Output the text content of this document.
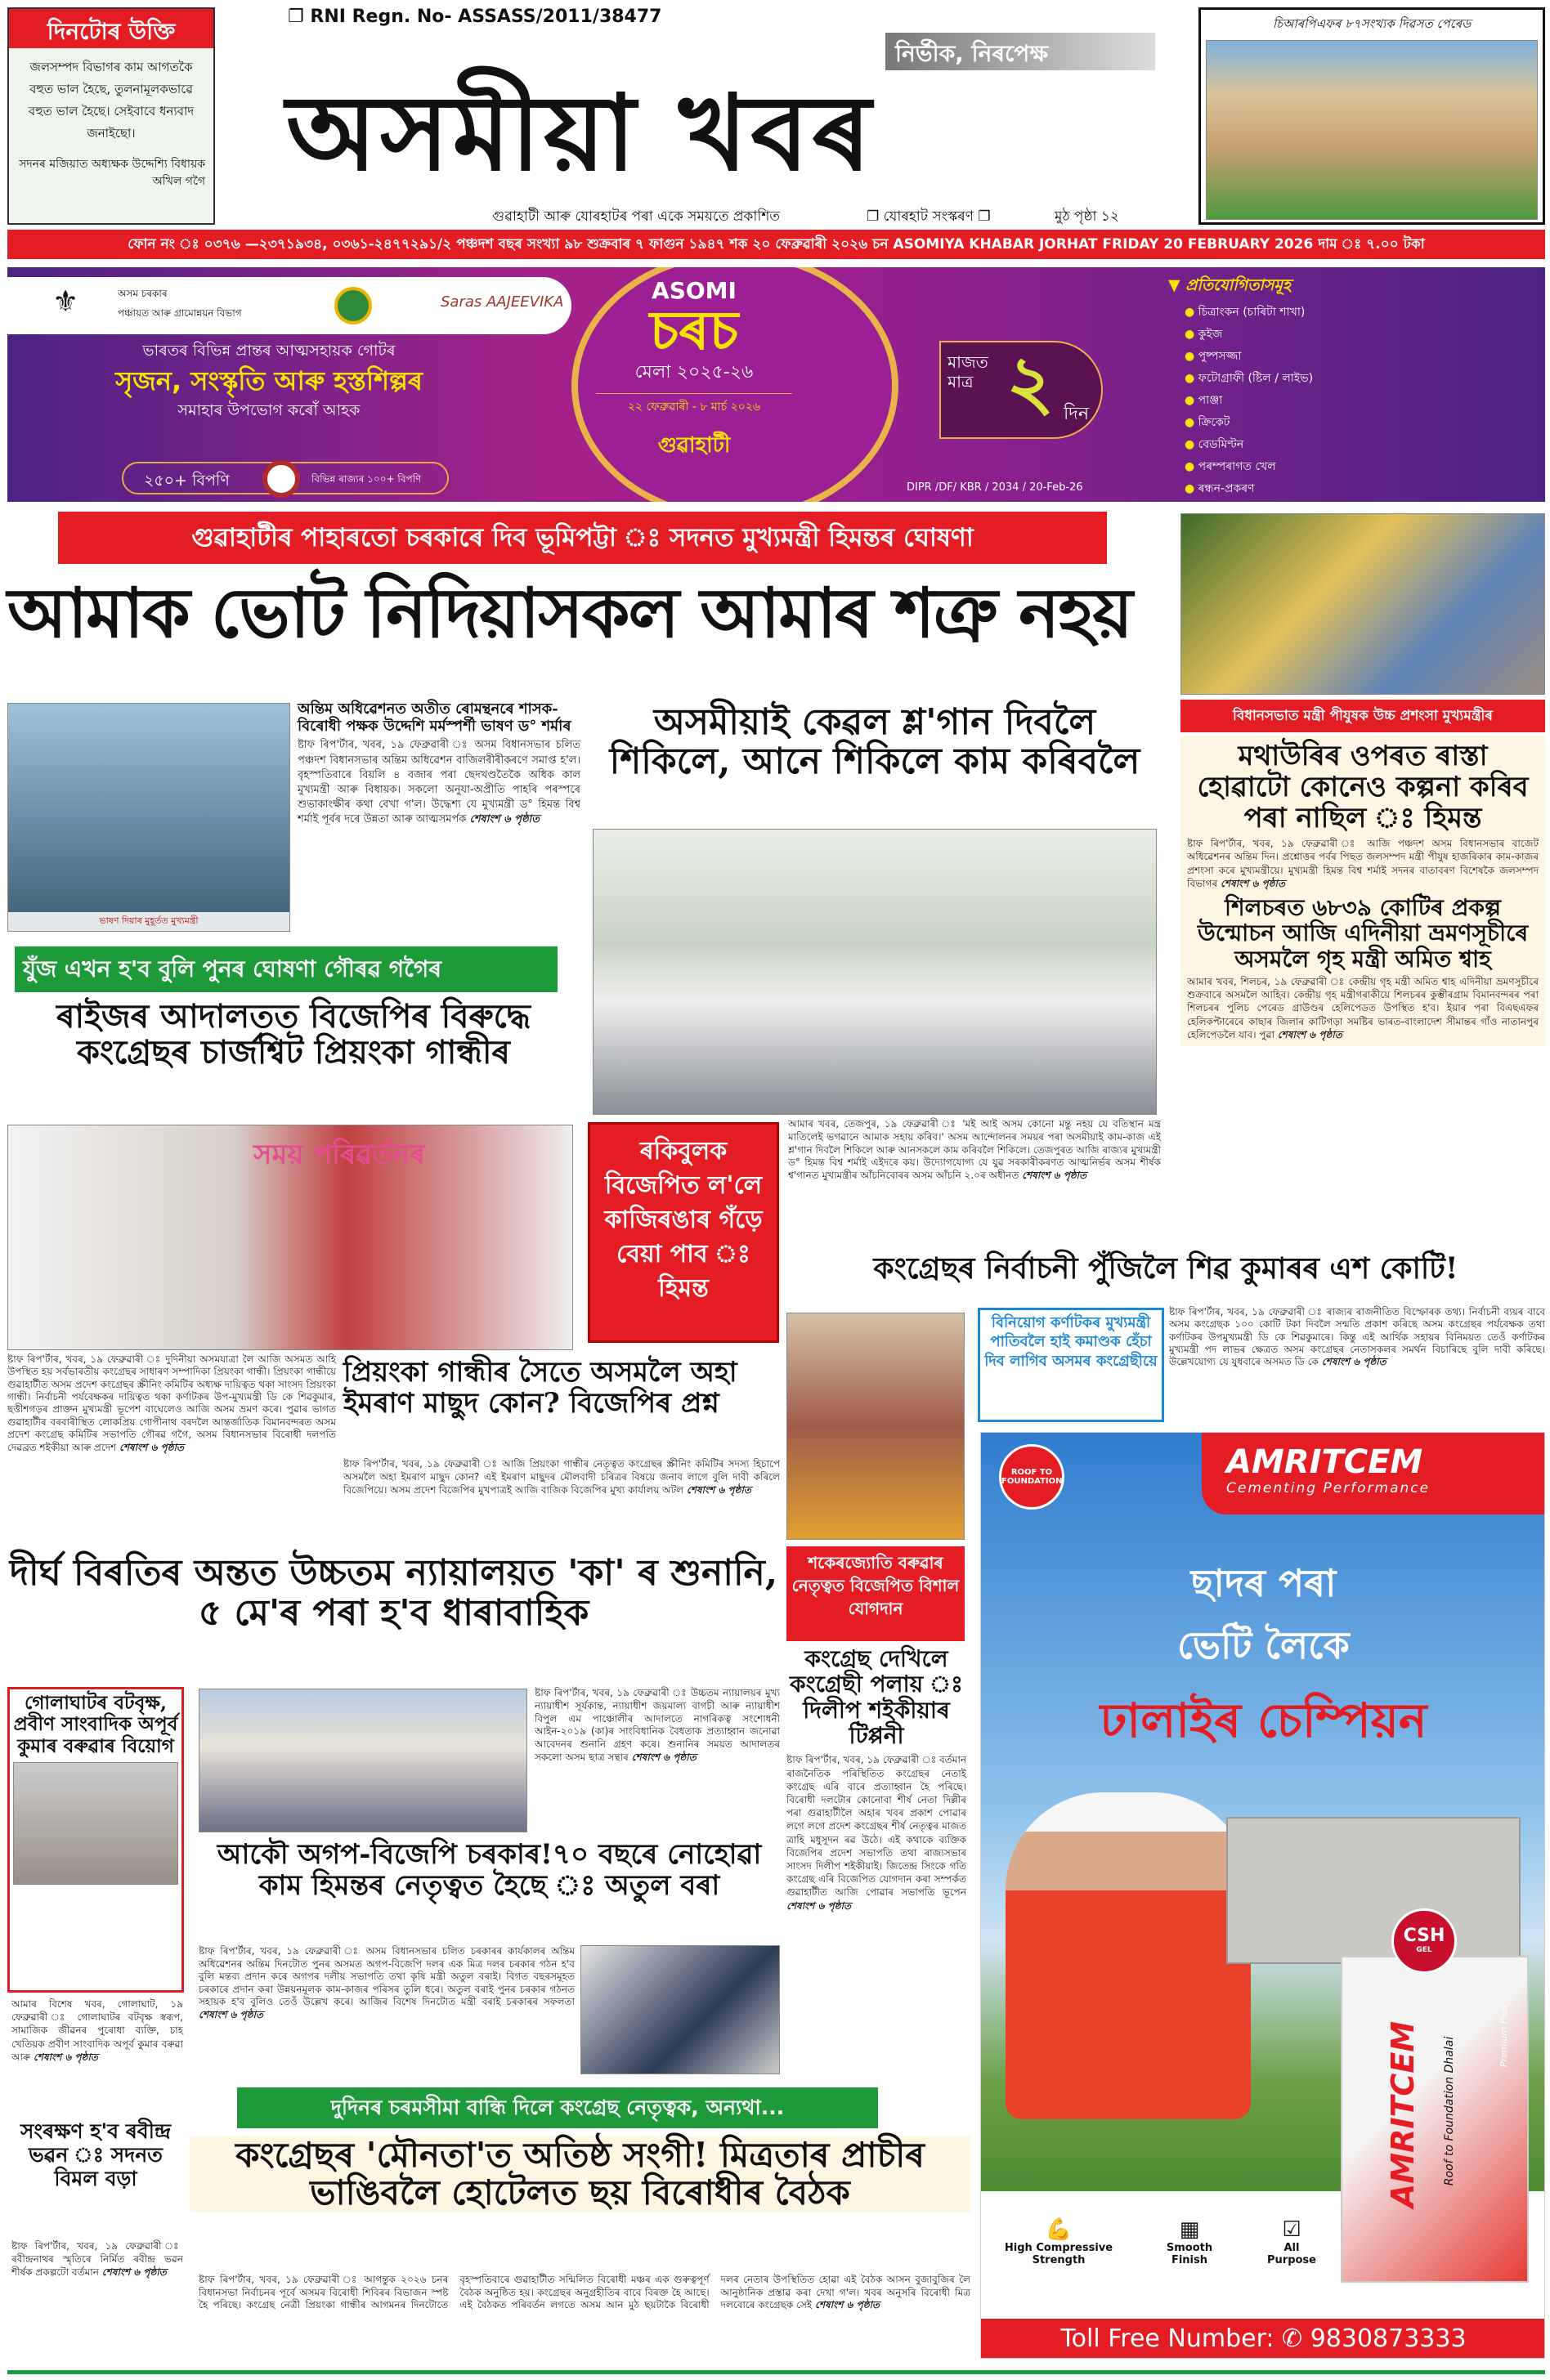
দিনটোৰ উক্তি
জলসম্পদ বিভাগৰ কাম আগতকৈ বহুত ভাল হৈছে, তুলনামূলকভাৱে বহুত ভাল হৈছে। সেইবাবে ধন্যবাদ জনাইছো।
সদনৰ মজিয়াত অধ্যক্ষক উদ্দেশ্যি বিধায়ক অখিল গগৈ
❐ RNI Regn. No- ASSASS/2011/38477
নিৰ্ভীক, নিৰপেক্ষ
অসমীয়া খবৰ
গুৱাহাটী আৰু যোৰহাটৰ পৰা একে সময়তে প্ৰকাশিত	❐ যোৰহাট সংস্কৰণ ❐	মুঠ পৃষ্ঠা ১২
চিআৰপিএফৰ ৮৭সংখ্যক দিৱসত পেৰেড
ফোন নং ঃ ০৩৭৬ —২৩৭১৯৩৪, ০৩৬১-২৪৭৭২৯১/২ পঞ্চদশ বছৰ সংখ্যা ৯৮ শুক্ৰবাৰ ৭ ফাগুন ১৯৪৭ শক ২০ ফেব্ৰুৱাৰী ২০২৬ চন ASOMIYA KHABAR JORHAT FRIDAY 20 FEBRUARY 2026 দাম ঃ ৭.০০ টকা
⚜	অসম চৰকাৰ
পঞ্চায়ত আৰু গ্ৰামোন্নয়ন বিভাগ
Saras AAJEEVIKA
ভাৰতৰ বিভিন্ন প্ৰান্তৰ আত্মসহায়ক গোটৰ
সৃজন, সংস্কৃতি আৰু হস্তশিল্পৰ
সমাহাৰ উপভোগ কৰোঁ আহক
২৫০+ বিপণি	বিভিন্ন ৰাজ্যৰ ১০০+ বিপণি
ASOMI
চৰচ
মেলা ২০২৫-২৬
২২ ফেব্ৰুৱাৰী - ৮ মাৰ্চ ২০২৬
গুৱাহাটী
মাজত মাত্ৰ ২ দিন
DIPR /DF/ KBR / 2034 / 20-Feb-26
▼ প্ৰতিযোগিতাসমূহ
● চিত্ৰাংকন (চাৰিটা শাখা)
● কুইজ
● পুষ্পসজ্জা
● ফটোগ্ৰাফী (ষ্টিল / লাইভ)
● পাঞ্জা
● ক্ৰিকেট
● বেডমিণ্টন
● পৰম্পৰাগত খেল
● ৰন্ধন-প্ৰকৰণ
গুৱাহাটীৰ পাহাৰতো চৰকাৰে দিব ভূমিপট্টা ঃ সদনত মুখ্যমন্ত্ৰী হিমন্তৰ ঘোষণা
আমাক ভোট নিদিয়াসকল আমাৰ শত্ৰু নহয়
বিধানসভাত মন্ত্ৰী পীযুষক উচ্চ প্ৰশংসা মুখ্যমন্ত্ৰীৰ
মথাউৰিৰ ওপৰত ৰাস্তা হোৱাটো কোনেও কল্পনা কৰিব পৰা নাছিল ঃ হিমন্ত
ষ্টাফ ৰিপ'ৰ্টাৰ, খবৰ, ১৯ ফেব্ৰুৱাৰী ঃ আজি পঞ্চদশ অসম বিধানসভাৰ বাজেট অধিৱেশনৰ অন্তিম দিন। প্ৰশ্নোত্তৰ পৰ্বৰ পিছত জলসম্পদ মন্ত্ৰী পীযুষ হাজৰিকাৰ কাম-কাজৰ প্ৰশংসা কৰে মুখ্যমন্ত্ৰীয়ে। মুখ্যমন্ত্ৰী হিমন্ত বিশ্ব শৰ্মাই সদনৰ বাতাবৰণ বিশেষকৈ জলসম্পদ বিভাগৰ শেষাংশ ৬ পৃষ্ঠাত
শিলচৰত ৬৮৩৯ কোটিৰ প্ৰকল্প উন্মোচন আজি এদিনীয়া ভ্ৰমণসূচীৰে অসমলৈ গৃহ মন্ত্ৰী অমিত শ্বাহ
আমাৰ খবৰ, শিলচৰ, ১৯ ফেব্ৰুৱাৰী ঃ কেন্দ্ৰীয় গৃহ মন্ত্ৰী অমিত শ্বাহ এদিনীয়া ভ্ৰমণসূচীৰে শুক্ৰবাৰে অসমলৈ আহিব। কেন্দ্ৰীয় গৃহ মন্ত্ৰীগৰাকীয়ে শিলচৰৰ কুম্ভীৰগ্ৰাম বিমানবন্দৰৰ পৰা শিলচৰৰ পুলিচ পেৰেড গ্ৰাউণ্ডৰ হেলিপেডত উপস্থিত হ'ব। ইয়াৰ পৰা বিএছএফৰ হেলিকপ্টাৰেৰে কাছাৰ জিলাৰ কাটিগড়া সমষ্টিৰ ভাৰত-বাংলাদেশ সীমান্তৰ গাঁও নাতানপুৰ হেলিপেডলৈ যাব। পুৱা শেষাংশ ৬ পৃষ্ঠাত
ভাষণ দিয়াৰ মুহূৰ্তত মুখ্যমন্ত্ৰী
অন্তিম অধিৱেশনত অতীত ৰোমন্থনৰে শাসক-বিৰোধী পক্ষক উদ্দেশি মৰ্মস্পৰ্শী ভাষণ ড° শৰ্মাৰ
ষ্টাফ ৰিপ'ৰ্টাৰ, খবৰ, ১৯ ফেব্ৰুৱাৰী ঃ অসম বিধানসভাৰ চলিত পঞ্চদশ বিধানসভাৰ অন্তিম অধিৱেশন বাজিলৰীৰীকৰণে সমাপ্ত হ'ল। বৃহস্পতিবাৰে বিয়লি ৪ বজাৰ পৰা ছেদখণ্ডতৈকৈ অধিক কাল মুখ্যমন্ত্ৰী আৰু বিধায়ক। সকলো অনুযা-অপ্ৰীতি পাহৰি পৰস্পৰে শুভাকাংক্ষীৰ কথা বেখা গ'ল। উদ্ধেশ্য যে মুখ্যমন্ত্ৰী ড° হিমন্ত বিশ্ব শৰ্মাই পূৰ্বৰ দৰে উন্নতা আৰু আত্মসমৰ্পক শেষাংশ ৬ পৃষ্ঠাত
অসমীয়াই কেৱল শ্ল'গান দিবলৈ শিকিলে, আনে শিকিলে কাম কৰিবলৈ
আমাৰ খবৰ, তেজপুৰ, ১৯ ফেব্ৰুৱাৰী ঃ 'মই আই অসম কোনো মন্তু নহয় যে বতিস্থান মন্ত্ৰ মাতিলেই ভগৱানে আমাক সহায় কৰিব।' অসম আন্দোলনৰ সময়ৰ পৰা অসমীয়াই কাম-কাজ এই শ্ল'গান দিবলৈ শিকিলে আৰু আনসকলে কাম কৰিবলৈ শিকিলে। তেজপুৰত আজি ৰাজ্যৰ মুখ্যমন্ত্ৰী ড° হিমন্ত বিশ্ব শৰ্মাই এইদৰে কয়। উদ্যোগযোগ্য যে যুৱ সৰকাৰীকৰণত আত্মনিৰ্ভৰ অসম শীৰ্ষক শ্ব'গানত মুখ্যমন্ত্ৰীৰ আঁচনিবোৰৰ অসম আঁচনি ২.০ৰ অধীনত শেষাংশ ৬ পৃষ্ঠাত
যুঁজ এখন হ'ব বুলি পুনৰ ঘোষণা গৌৰৱ গগৈৰ
ৰাইজৰ আদালতত বিজেপিৰ বিৰুদ্ধে কংগ্ৰেছৰ চাৰ্জশ্বিট প্ৰিয়ংকা গান্ধীৰ
সময় পৰিৱৰ্তনৰ	ৰকিবুলক বিজেপিত ল'লে কাজিৰঙাৰ গঁড়ে বেয়া পাব ঃ হিমন্ত
ষ্টাফ ৰিপ'ৰ্টাৰ, খবৰ, ১৯ ফেব্ৰুৱাৰী ঃ দুদিনীয়া অসমযাত্ৰা লৈ আজি অসমত আহি উপস্থিত হয় সৰ্বভাৰতীয় কংগ্ৰেছৰ সাধাৰণ সম্পাদিকা প্ৰিয়ংকা গান্ধী। প্ৰিয়ংকা গান্ধীয়ে গুৱাহাটীত অসম প্ৰদেশ কংগ্ৰেছৰ স্ক্ৰীনিং কমিটিৰ অধ্যক্ষ দায়িত্বত থকা সাংসদ প্ৰিয়ংকা গান্ধী। নিৰ্বাচনী পৰ্যবেক্ষকৰ দায়িত্বত থকা কৰ্ণাটকৰ উপ-মুখ্যমন্ত্ৰী ডি কে শিৱকুমাৰ, ছত্তীশগড়ৰ প্ৰাক্তন মুখ্যমন্ত্ৰী ভূপেশ বাঘেলেও আজি অসম ভ্ৰমণ কৰে। পুৱাৰ ভাগত গুৱাহাটীৰ বৰবাৰীস্থিত লোকপ্ৰিয় গোপীনাথ বৰদলৈ আন্তৰ্জাতিক বিমানবন্দৰত অসম প্ৰদেশ কংগ্ৰেছ কমিটিৰ সভাপতি গৌৰৱ গগৈ, অসম বিধানসভাৰ বিৰোধী দলপতি দেৱব্ৰত শইকীয়া আৰু প্ৰদেশ শেষাংশ ৬ পৃষ্ঠাত
প্ৰিয়ংকা গান্ধীৰ সৈতে অসমলৈ অহা ইমৰাণ মাছুদ কোন? বিজেপিৰ প্ৰশ্ন
ষ্টাফ ৰিপ'ৰ্টাৰ, খবৰ, ১৯ ফেব্ৰুৱাৰী ঃ আজি প্ৰিয়ংকা গান্ধীৰ নেতৃত্বত কংগ্ৰেছৰ স্ক্ৰীনিং কমিটিৰ সদস্য হিচাপে অসমলৈ অহা ইমৰাণ মাছুদ কোন? এই ইমৰাণ মাছুদৰ মৌলবাদী চৰিত্ৰৰ বিষয়ে জনাব লাগে বুলি দাবী কৰিলে বিজেপিয়ে। অসম প্ৰদেশ বিজেপিৰ মুখপাত্ৰই আজি বাজিক বিজেপিৰ মুখ্য কাৰ্যালয় অটল শেষাংশ ৬ পৃষ্ঠাত
কংগ্ৰেছৰ নিৰ্বাচনী পুঁজিলৈ শিৱ কুমাৰৰ এশ কোটি!
বিনিয়োগ কৰ্ণাটকৰ মুখ্যমন্ত্ৰী পাতিবলৈ হাই কমাণ্ডক হেঁচা দিব লাগিব অসমৰ কংগ্ৰেছীয়ে
ষ্টাফ ৰিপ'ৰ্টাৰ, খবৰ, ১৯ ফেব্ৰুৱাৰী ঃ ৰাজ্যৰ ৰাজনীতিত বিস্ফোৰক তথ্য। নিৰ্বাচনী ব্যয়ৰ বাবে অসম কংগ্ৰেছক ১০০ কোটি টকা দিবলৈ সন্মতি প্ৰকাশ কৰিছে অসম কংগ্ৰেছৰ পৰ্যবেক্ষক তথা কৰ্ণাটকৰ উপমুখ্যমন্ত্ৰী ডি কে শিৱকুমাৰে। কিন্তু এই আৰ্থিক সহায়ৰ বিনিময়ত তেওঁ কৰ্ণাটকৰ মুখ্যমন্ত্ৰী পদ লাভৰ ক্ষেত্ৰত অসম কংগ্ৰেছৰ নেতাসকলৰ সমৰ্থন বিচাৰিছে বুলি দাবী কৰিছে। উল্লেখযোগ্য যে যুধবাৰে অসমত ডি কে শেষাংশ ৬ পৃষ্ঠাত
শকেৰজ্যোতি বৰুৱাৰ নেতৃত্বত বিজেপিত বিশাল যোগদান
কংগ্ৰেছ দেখিলে কংগ্ৰেছী পলায় ঃ দিলীপ শইকীয়াৰ টিপ্পনী
ষ্টাফ ৰিপ'ৰ্টাৰ, খবৰ, ১৯ ফেব্ৰুৱাৰী ঃ বৰ্তমান ৰাজনৈতিক পৰিস্থিতিত কংগ্ৰেছৰ নেতাই কংগ্ৰেছ এৰি বাৰে প্ৰত্যাহ্বান হৈ পৰিছে। বিৰোধী দলটোৰ কোনোবা শীৰ্ষ নেতা দিল্লীৰ পৰা গুৱাহাটীলৈ অহাৰ খবৰ প্ৰকাশ পোৱাৰ লগে লগে প্ৰদেশ কংগ্ৰেছৰ শীৰ্ষ নেতৃত্বৰ মাজত ত্ৰাহি মধুসূদন ৰৱ উঠে। এই কথাকে ব্যক্তিক বিজেপিৰ প্ৰদেশ সভাপতি তথা ৰাজ্যসভাৰ সাংসদ দিলীপ শইকীয়াই। জিতেন্দ্ৰ সিংকে গতি কংগ্ৰেছ এৰি বিজেপিত যোগদান কৰা সম্পৰ্কত গুৱাহাটীত আজি পোৱাৰ সভাপতি ভূপেন শেষাংশ ৬ পৃষ্ঠাত
দীৰ্ঘ বিৰতিৰ অন্তত উচ্চতম ন্যায়ালয়ত 'কা' ৰ শুনানি, ৫ মে'ৰ পৰা হ'ব ধাৰাবাহিক
ষ্টাফ ৰিপ'ৰ্টাৰ, খবৰ, ১৯ ফেব্ৰুৱাৰী ঃ উচ্চতম ন্যায়ালয়ৰ মুখ্য ন্যায়াধীশ সূৰ্যকান্ত, ন্যায়াধীশ জয়মাল্য বাগচী আৰু ন্যায়াধীশ বিপুল এম পাঞ্চোলীৰ আদালতে নাগৰিকত্ব সংশোধনী আইন-২০১৯ (কা)ৰ সাংবিধানিক বৈধতাক প্ৰত্যাহ্বান জনোৱা আবেদনৰ শুনানি গ্ৰহণ কৰে। শুনানিৰ সময়ত আদালতৰ সকলো অসম ছাত্ৰ সন্থাৰ শেষাংশ ৬ পৃষ্ঠাত
গোলাঘাটৰ বটবৃক্ষ, প্ৰবীণ সাংবাদিক অপূৰ্ব কুমাৰ বৰুৱাৰ বিয়োগ
আমাৰ বিশেষ খবৰ, গোলাঘাট, ১৯ ফেব্ৰুৱাৰী ঃ গোলাঘাটৰ বটবৃক্ষ স্বৰূপ, সামাজিক জীৱনৰ পুৰোধা ব্যক্তি, চাহ খেতিয়ক প্ৰবীণ সাংবাদিক অপূৰ্ব কুমাৰ বৰুৱা আৰু শেষাংশ ৬ পৃষ্ঠাত
সংৰক্ষণ হ'ব ৰবীন্দ্ৰ ভৱন ঃ সদনত বিমল বড়া
ষ্টাফ ৰিপ'ৰ্টাৰ, খবৰ, ১৯ ফেব্ৰুৱাৰী ঃ ৰবীন্দ্ৰনাথৰ স্মৃতিৰে নিৰ্মিত ৰবীন্দ্ৰ ভৱন শীৰ্ষক প্ৰকল্পটো বৰ্তমান শেষাংশ ৬ পৃষ্ঠাত
আকৌ অগপ-বিজেপি চৰকাৰ!৭০ বছৰে নোহোৱা কাম হিমন্তৰ নেতৃত্বত হৈছে ঃ অতুল বৰা
ষ্টাফ ৰিপ'ৰ্টাৰ, খবৰ, ১৯ ফেব্ৰুৱাৰী ঃ অসম বিধানসভাৰ চলিত চৰকাৰৰ কাৰ্যকালৰ অন্তিম অধিৱেশনৰ অন্তিম দিনটোত পুনৰ অসমত অগপ-বিজেপি দলৰ এক মিত্ৰ দলৰ চৰকাৰ গঠন হ'ব বুলি মন্তব্য প্ৰদান কৰে অগপৰ দলীয় সভাপতি তথা কৃষি মন্ত্ৰী অতুল বৰাই। বিগত বছৰসমূহত চৰকাৰে প্ৰদান কৰা উন্নয়নমূলক কাম-কাজৰ পৰিসৰ তুলি ধৰে। অতুল বৰাই পুনৰ চৰকাৰ গঠনত সহায়ক হ'ব বুলিও তেওঁ উল্লেখ কৰে। আজিৰ বিশেষ দিনটোত মন্ত্ৰী বৰাই চৰকাৰৰ সফলতা শেষাংশ ৬ পৃষ্ঠাত
দুদিনৰ চৰমসীমা বান্ধি দিলে কংগ্ৰেছ নেতৃত্বক, অন্যথা...
কংগ্ৰেছৰ 'মৌনতা'ত অতিষ্ঠ সংগী! মিত্ৰতাৰ প্ৰাচীৰ ভাঙিবলৈ হোটেলত ছয় বিৰোধীৰ বৈঠক
ষ্টাফ ৰিপ'ৰ্টাৰ, খবৰ, ১৯ ফেব্ৰুৱাৰী ঃ আগন্তুক ২০২৬ চনৰ বিধানসভা নিৰ্বাচনৰ পূৰ্বে অসমৰ বিৰোধী শিবিৰৰ বিভাজন স্পষ্ট হৈ পৰিছে। কংগ্ৰেছ নেত্ৰী প্ৰিয়ংকা গান্ধীৰ আগমনৰ দিনটোতে বৃহস্পতিবাৰে গুৱাহাটীত সন্মিলিত বিৰোধী মঞ্চৰ এক গুৰুত্বপূৰ্ণ বৈঠক অনুষ্ঠিত হয়। কংগ্ৰেছৰ অনুগ্ৰহীতিৰ বাবে বিৰক্ত হৈ আছে। এই বৈঠকত পৰিবৰ্তন লগতে অসম আন মুঠ ছয়টাকৈ বিৰোধী দলৰ নেতাৰ উপস্থিতিত হোৱা এই বৈঠক আসন বুজাবুজিৰ লৈ আনুষ্ঠানিক প্ৰস্তাৱ কৰা দেখা গ'ল। খবৰ অনুসৰি বিৰোধী মিত্ৰ দলবোৰে কংগ্ৰেছক সেই শেষাংশ ৬ পৃষ্ঠাত
ROOF TO FOUNDATION
AMRITCEM
Cementing Performance
ছাদৰ পৰা
ভেটি লৈকে
ঢালাইৰ চেম্পিয়ন
CSH
GEL
AMRITCEM Roof to Foundation Dhalai
Premium Plus
💪
High Compressive Strength
▦
Smooth Finish
☑
All Purpose
Toll Free Number: ✆ 9830873333
